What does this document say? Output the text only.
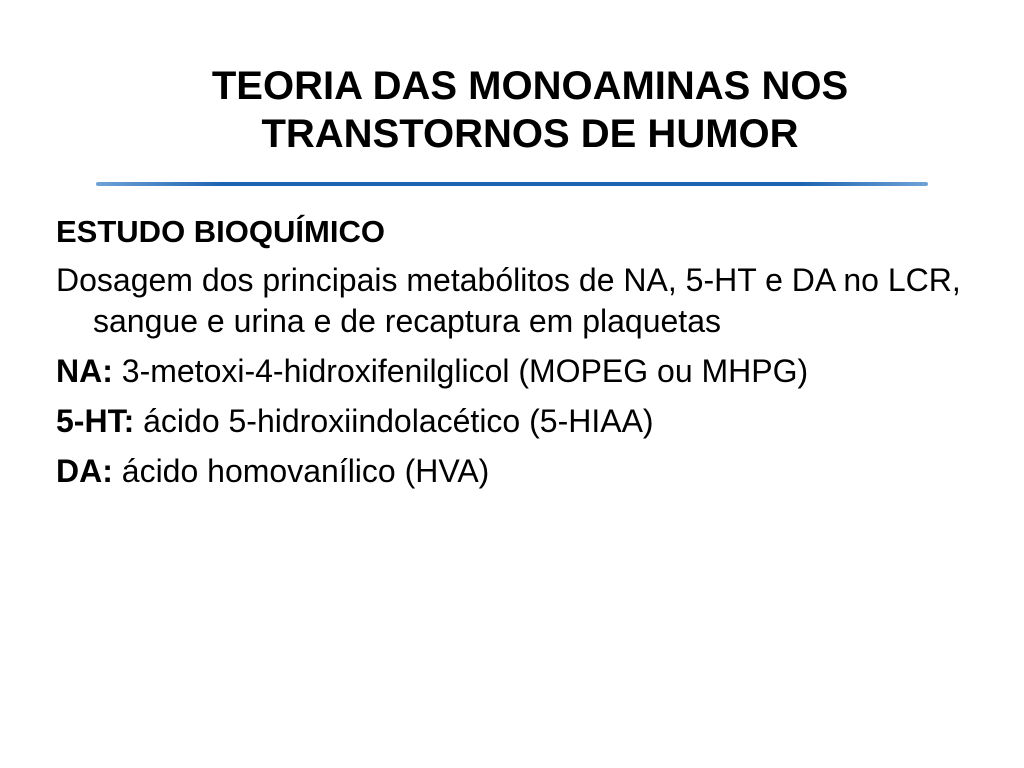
TEORIA DAS MONOAMINAS NOS
TRANSTORNOS DE HUMOR
ESTUDO BIOQUÍMICO

Dosagem dos principais metabólitos de NA, 5-HT e DA no LCR, sangue e urina e de recaptura em plaquetas

NA: 3-metoxi-4-hidroxifenilglicol (MOPEG ou MHPG)

5-HT: ácido 5-hidroxiindolacético (5-HIAA)

DA: ácido homovanílico (HVA)
